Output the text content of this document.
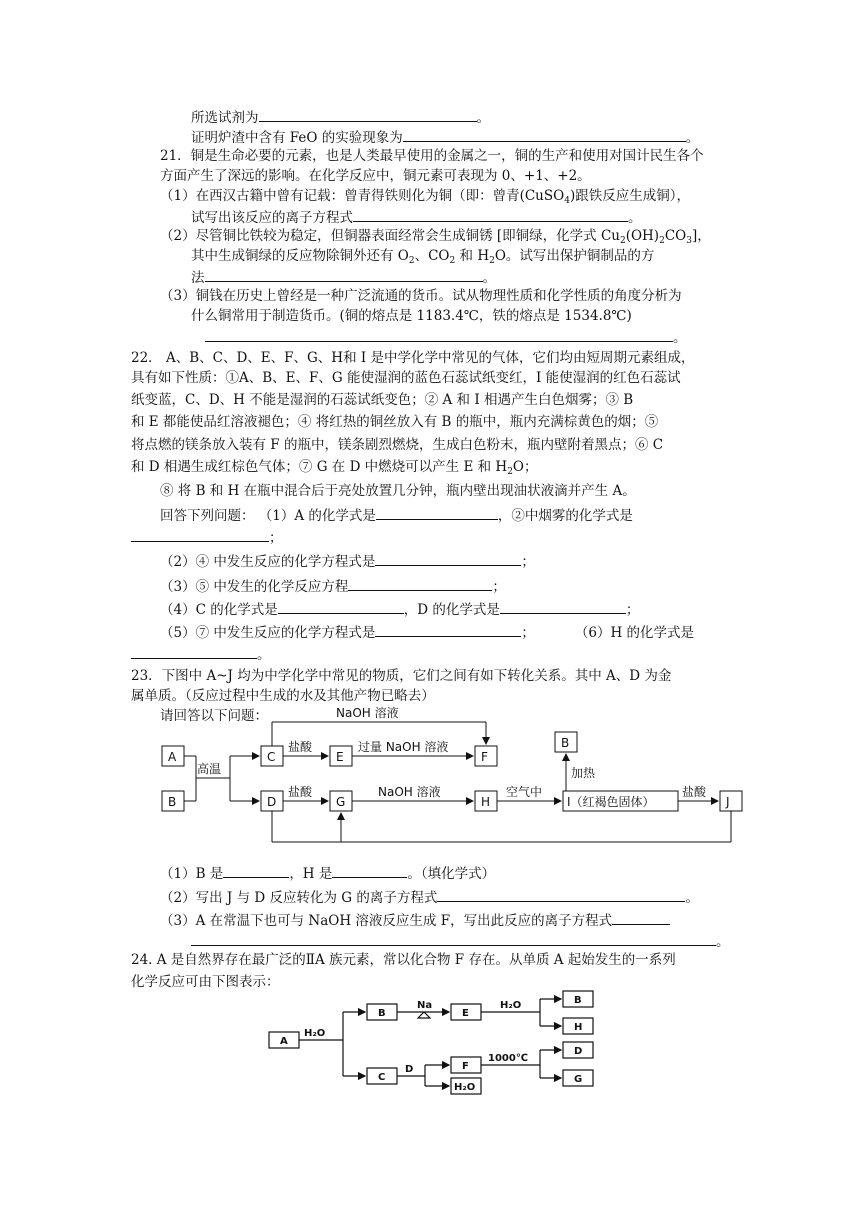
所选试剂为	。
证明炉渣中含有 FeO 的实验现象为	。
21．铜是生命必要的元素，也是人类最早使用的金属之一，铜的生产和使用对国计民生各个
方面产生了深远的影响。在化学反应中，铜元素可表现为 0、+1、+2。
（1）在西汉古籍中曾有记载：曾青得铁则化为铜（即：曾青(CuSO$_4$)跟铁反应生成铜），
试写出该反应的离子方程式	。
（2）尽管铜比铁较为稳定，但铜器表面经常会生成铜锈 [即铜绿，化学式 $Cu_2(OH)_2CO_3$]，
其中生成铜绿的反应物除铜外还有 $O_2$、$CO_2$ 和 $H_2O$。试写出保护铜制品的方
法	。
（3）铜钱在历史上曾经是一种广泛流通的货币。试从物理性质和化学性质的角度分析为
什么铜常用于制造货币。(铜的熔点是 1183.4℃，铁的熔点是 1534.8℃)
。
22． A、B、C、D、E、F、G、H和 I 是中学化学中常见的气体，它们均由短周期元素组成，
具有如下性质：①A、B、E、F、G 能使湿润的蓝色石蕊试纸变红，I 能使湿润的红色石蕊试
纸变蓝，C、D、H 不能是湿润的石蕊试纸变色；② A 和 I 相遇产生白色烟雾；③ B
和 E 都能使品红溶液褪色；④ 将红热的铜丝放入有 B 的瓶中，瓶内充满棕黄色的烟；⑤
将点燃的镁条放入装有 F 的瓶中，镁条剧烈燃烧，生成白色粉末，瓶内壁附着黑点；⑥ C
和 D 相遇生成红棕色气体；⑦ G 在 D 中燃烧可以产生 E 和 $H_2O$；
⑧ 将 B 和 H 在瓶中混合后于亮处放置几分钟，瓶内壁出现油状液滴并产生 A。
回答下列问题： （1）A 的化学式是	，②中烟雾的化学式是
；
（2）④ 中发生反应的化学方程式是	；
（3）⑤ 中发生的化学反应方程	；
（4）C 的化学式是	，D 的化学式是	；
（5）⑦ 中发生反应的化学方程式是	；	（6）H 的化学式是
。
23．下图中 A~J 均为中学化学中常见的物质，它们之间有如下转化关系。其中 A、D 为金
属单质。（反应过程中生成的水及其他产物已略去）
请回答以下问题：	NaOH 溶液
盐酸	过量 NaOH 溶液
高温
盐酸	NaOH 溶液	空气中
加热
盐酸
A
B
C	E	F
D	G	H
B
I（红褐色固体）	J
（1）B 是	，H 是	。（填化学式）
（2）写出 J 与 D 反应转化为 G 的离子方程式	。
（3）A 在常温下也可与 NaOH 溶液反应生成 F，写出此反应的离子方程式
。
24. A 是自然界存在最广泛的ⅡA 族元素，常以化合物 F 存在。从单质 A 起始发生的一系列
化学反应可由下图表示：
A
H₂O
B
Na
E
H₂O	B
H
C
D	F
1000℃
D
G
H₂O
